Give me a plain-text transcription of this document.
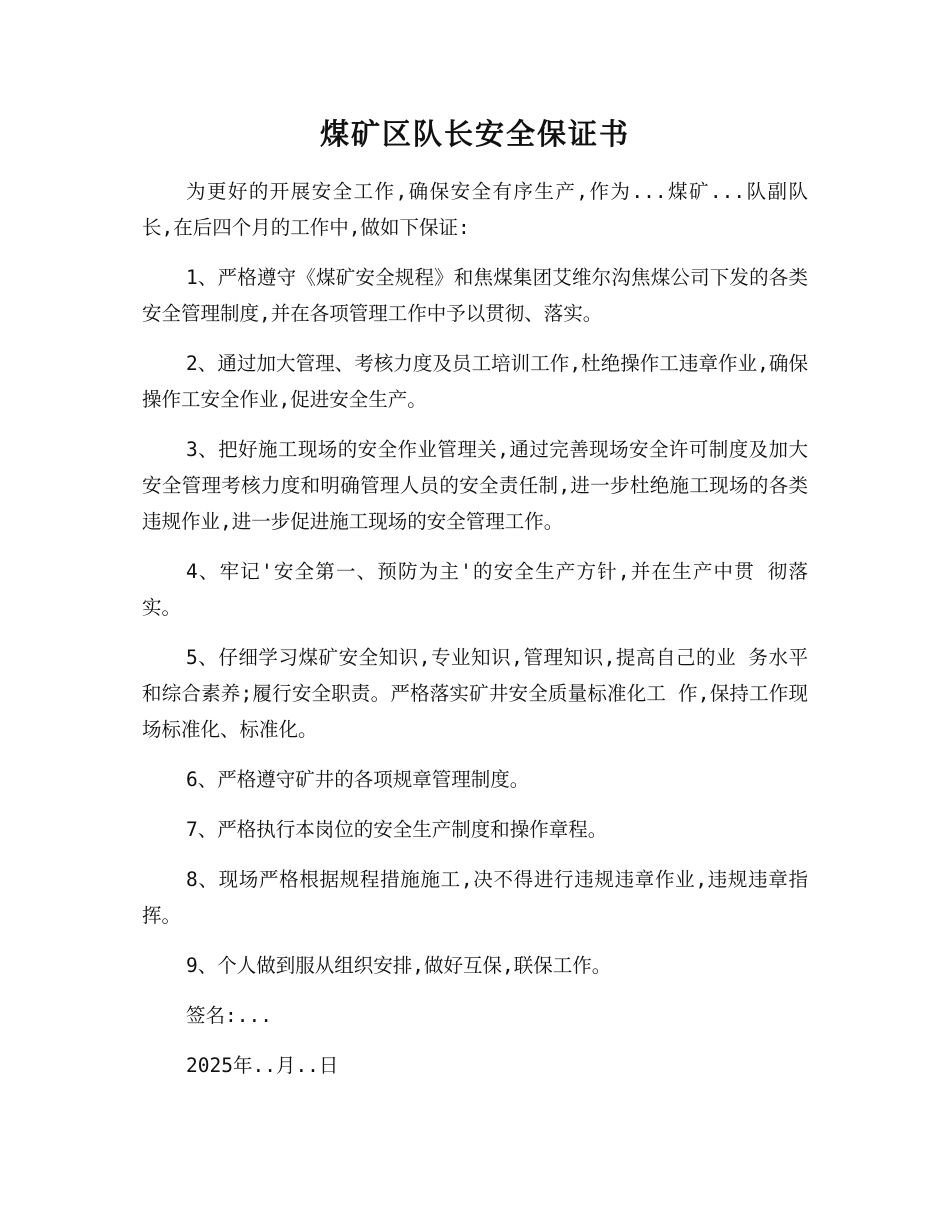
煤矿区队长安全保证书

为更好的开展安全工作,确保安全有序生产,作为...煤矿...队副队 长,在后四个月的工作中,做如下保证:

1、严格遵守《煤矿安全规程》和焦煤集团艾维尔沟焦煤公司下发的各类安全管理制度,并在各项管理工作中予以贯彻、落实。

2、通过加大管理、考核力度及员工培训工作,杜绝操作工违章作业,确保操作工安全作业,促进安全生产。

3、把好施工现场的安全作业管理关,通过完善现场安全许可制度及加大安全管理考核力度和明确管理人员的安全责任制,进一步杜绝施工现场的各类违规作业,进一步促进施工现场的安全管理工作。

4、牢记'安全第一、预防为主'的安全生产方针,并在生产中贯 彻落实。

5、仔细学习煤矿安全知识,专业知识,管理知识,提高自己的业 务水平和综合素养;履行安全职责。严格落实矿井安全质量标准化工 作,保持工作现场标准化、标准化。

6、严格遵守矿井的各项规章管理制度。

7、严格执行本岗位的安全生产制度和操作章程。

8、现场严格根据规程措施施工,决不得进行违规违章作业,违规违章指挥。

9、个人做到服从组织安排,做好互保,联保工作。

签名:...

2025年..月..日
